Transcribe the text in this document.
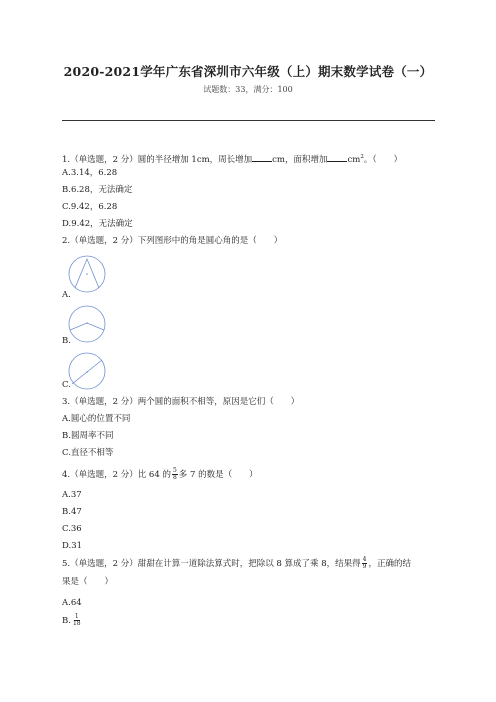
2020-2021学年广东省深圳市六年级（上）期末数学试卷（一）
试题数：33，满分：100
1.（单选题，2 分）圆的半径增加 1cm，周长增加 cm，面积增加 $cm^2$。（　　）
A.3.14，6.28
B.6.28，无法确定
C.9.42，6.28
D.9.42，无法确定
2.（单选题，2 分）下列图形中的角是圆心角的是（　　）
A.
B.
C.
3.（单选题，2 分）两个圆的面积不相等，原因是它们（　　）
A.圆心的位置不同
B.圆周率不同
C.直径不相等
4.（单选题，2 分）比 64 的 $\frac{5}{8}$ 多 7 的数是（　　）
A.37
B.47
C.36
D.31
5.（单选题，2 分）甜甜在计算一道除法算式时，把除以 8 算成了乘 8，结果得 $\frac{4}{9}$ ，正确的结
果是（　　）
A.64
B. $\frac{1}{18}$
